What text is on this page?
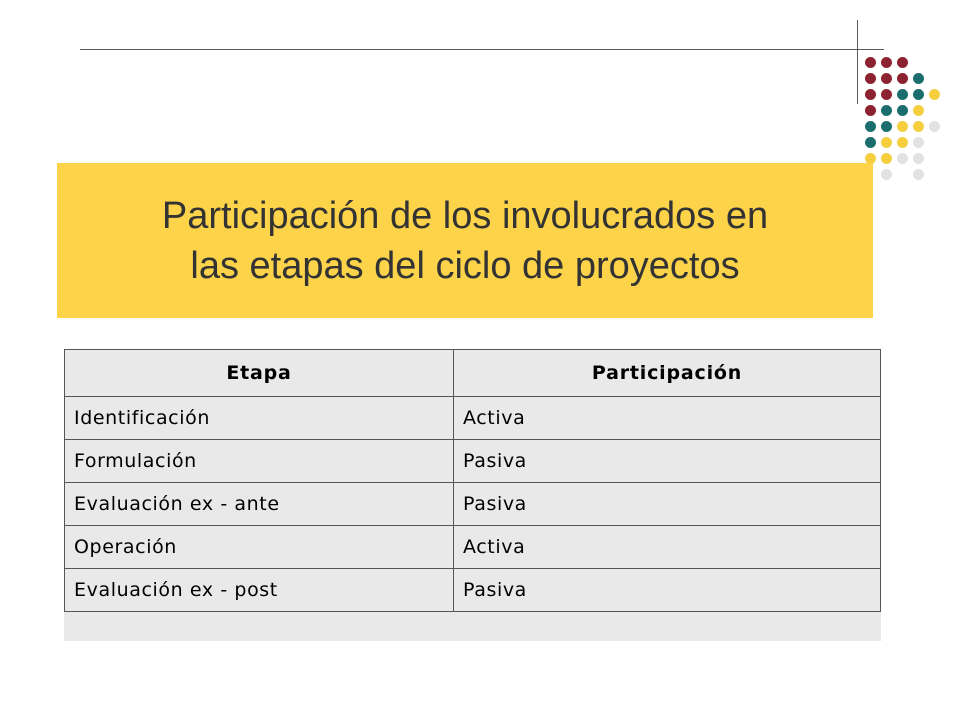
Participación de los involucrados en
las etapas del ciclo de proyectos
Etapa	Participación
Identificación	Activa
Formulación	Pasiva
Evaluación ex - ante	Pasiva
Operación	Activa
Evaluación ex - post	Pasiva
